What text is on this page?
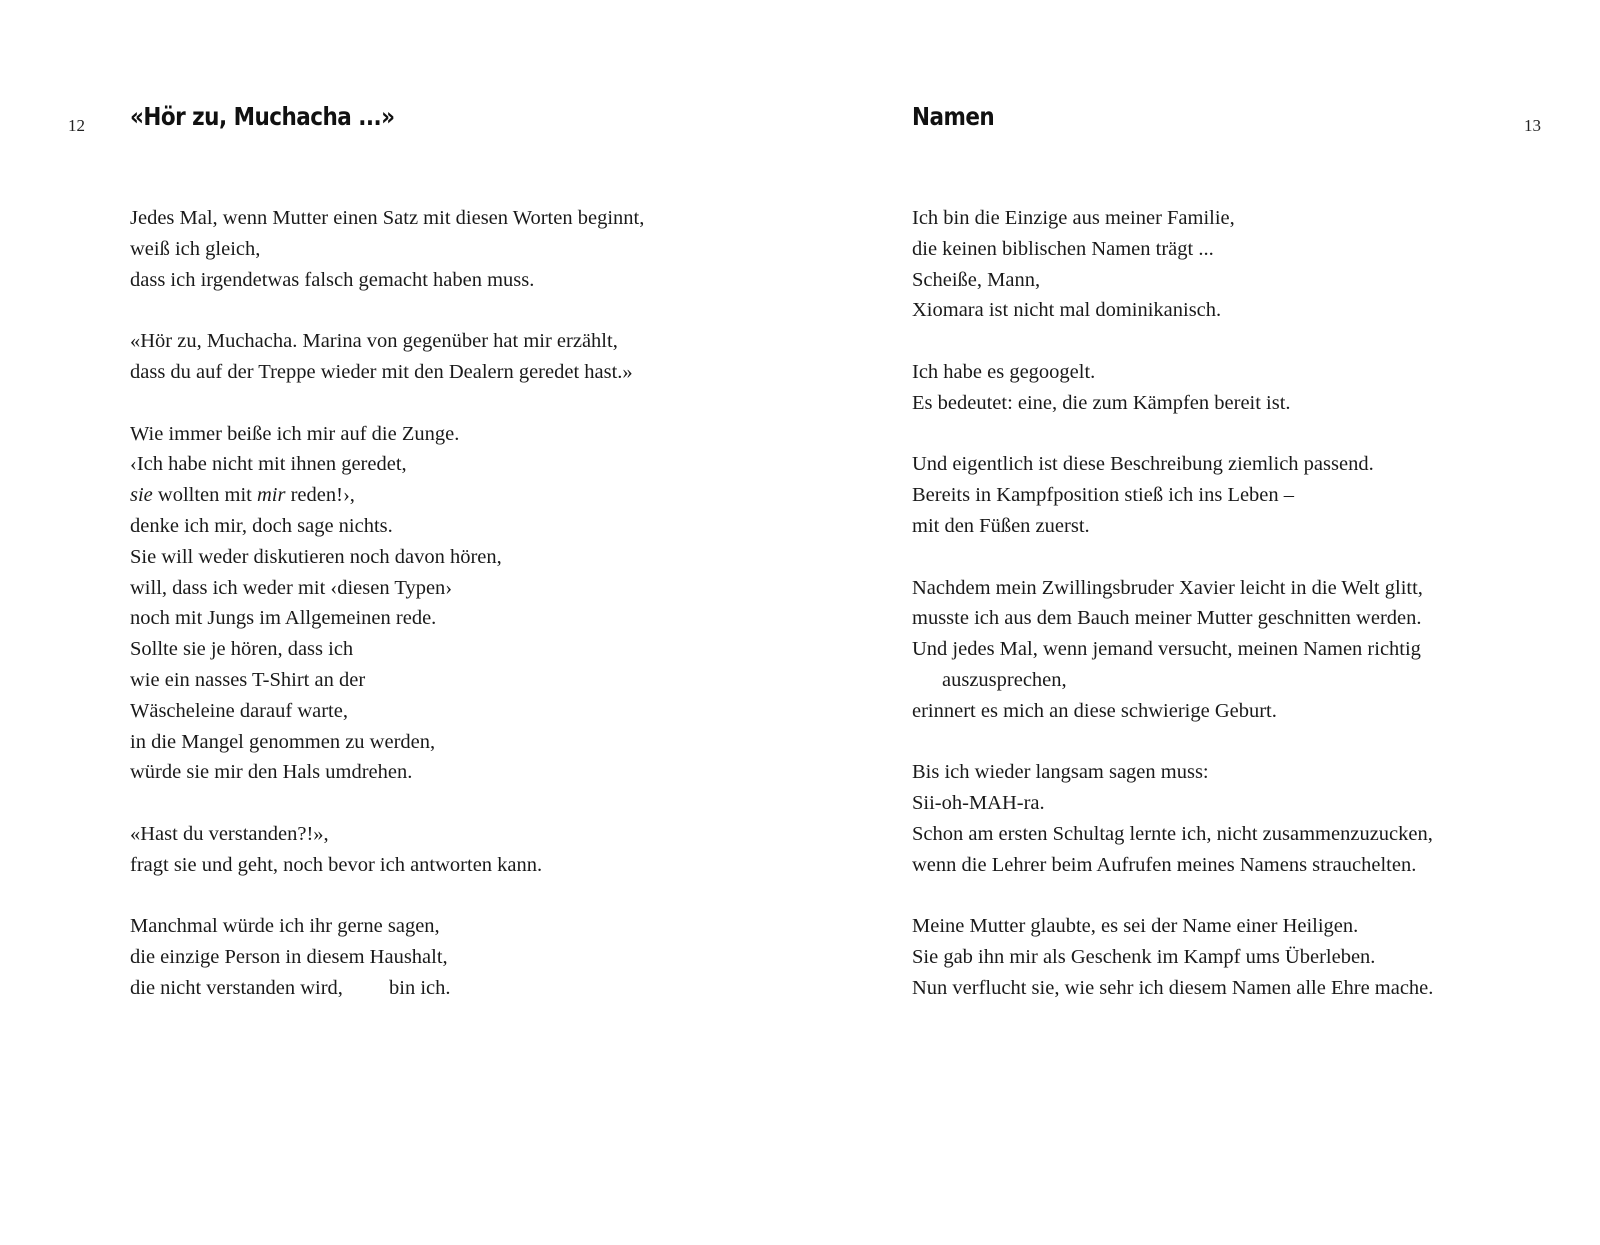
12 «Hör zu, Muchacha ...»
Jedes Mal, wenn Mutter einen Satz mit diesen Worten beginnt,
weiß ich gleich,
dass ich irgendetwas falsch gemacht haben muss.
«Hör zu, Muchacha. Marina von gegenüber hat mir erzählt,
dass du auf der Treppe wieder mit den Dealern geredet hast.»
Wie immer beiße ich mir auf die Zunge.
‹Ich habe nicht mit ihnen geredet,
sie wollten mit mir reden!›,
denke ich mir, doch sage nichts.
Sie will weder diskutieren noch davon hören,
will, dass ich weder mit ‹diesen Typen›
noch mit Jungs im Allgemeinen rede.
Sollte sie je hören, dass ich
wie ein nasses T-Shirt an der
Wäscheleine darauf warte,
in die Mangel genommen zu werden,
würde sie mir den Hals umdrehen.
«Hast du verstanden?!»,
fragt sie und geht, noch bevor ich antworten kann.
Manchmal würde ich ihr gerne sagen,
die einzige Person in diesem Haushalt,
die nicht verstanden wird,         bin ich.
Namen	13
Ich bin die Einzige aus meiner Familie,
die keinen biblischen Namen trägt ...
Scheiße, Mann,
Xiomara ist nicht mal dominikanisch.
Ich habe es gegoogelt.
Es bedeutet: eine, die zum Kämpfen bereit ist.
Und eigentlich ist diese Beschreibung ziemlich passend.
Bereits in Kampfposition stieß ich ins Leben –
mit den Füßen zuerst.
Nachdem mein Zwillingsbruder Xavier leicht in die Welt glitt,
musste ich aus dem Bauch meiner Mutter geschnitten werden.
Und jedes Mal, wenn jemand versucht, meinen Namen richtig
auszusprechen,
erinnert es mich an diese schwierige Geburt.
Bis ich wieder langsam sagen muss:
Sii-oh-MAH-ra.
Schon am ersten Schultag lernte ich, nicht zusammenzuzucken,
wenn die Lehrer beim Aufrufen meines Namens strauchelten.
Meine Mutter glaubte, es sei der Name einer Heiligen.
Sie gab ihn mir als Geschenk im Kampf ums Überleben.
Nun verflucht sie, wie sehr ich diesem Namen alle Ehre mache.
